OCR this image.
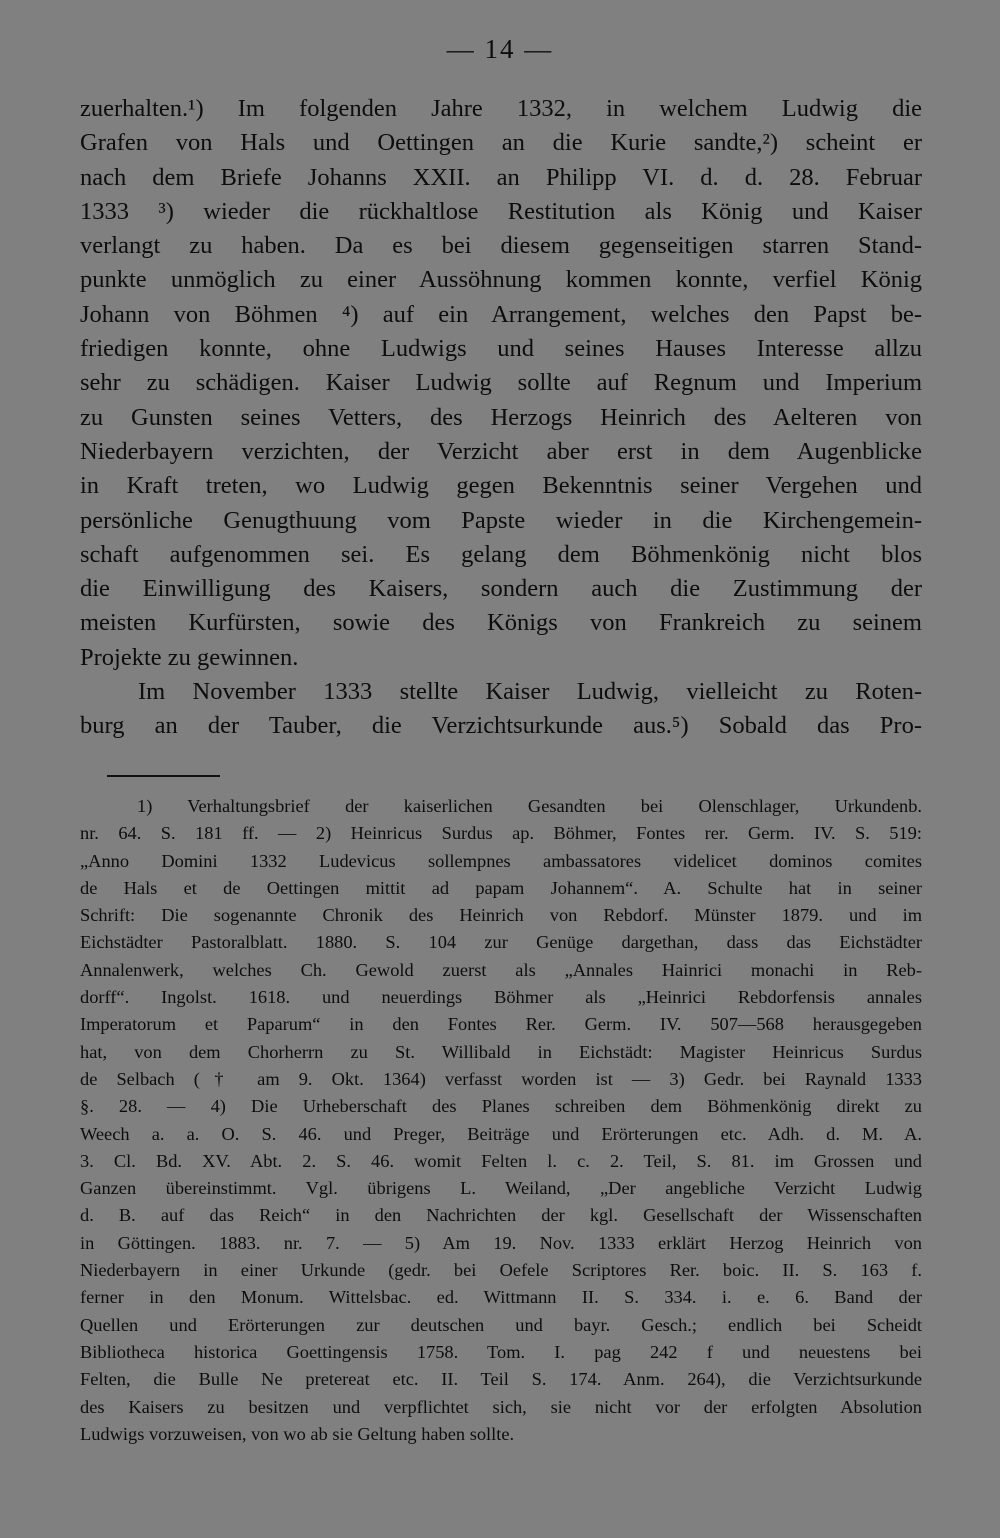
— 14 —
zuerhalten.¹) Im folgenden Jahre 1332, in welchem Ludwig die
Grafen von Hals und Oettingen an die Kurie sandte,²) scheint er
nach dem Briefe Johanns XXII. an Philipp VI. d. d. 28. Februar
1333 ³) wieder die rückhaltlose Restitution als König und Kaiser
verlangt zu haben. Da es bei diesem gegenseitigen starren Stand-
punkte unmöglich zu einer Aussöhnung kommen konnte, verfiel König
Johann von Böhmen ⁴) auf ein Arrangement, welches den Papst be-
friedigen konnte, ohne Ludwigs und seines Hauses Interesse allzu
sehr zu schädigen. Kaiser Ludwig sollte auf Regnum und Imperium
zu Gunsten seines Vetters, des Herzogs Heinrich des Aelteren von
Niederbayern verzichten, der Verzicht aber erst in dem Augenblicke
in Kraft treten, wo Ludwig gegen Bekenntnis seiner Vergehen und
persönliche Genugthuung vom Papste wieder in die Kirchengemein-
schaft aufgenommen sei. Es gelang dem Böhmenkönig nicht blos
die Einwilligung des Kaisers, sondern auch die Zustimmung der
meisten Kurfürsten, sowie des Königs von Frankreich zu seinem
Projekte zu gewinnen.
Im November 1333 stellte Kaiser Ludwig, vielleicht zu Roten-
burg an der Tauber, die Verzichtsurkunde aus.⁵) Sobald das Pro-
1) Verhaltungsbrief der kaiserlichen Gesandten bei Olenschlager, Urkundenb.
nr. 64. S. 181 ff. — 2) Heinricus Surdus ap. Böhmer, Fontes rer. Germ. IV. S. 519:
„Anno Domini 1332 Ludevicus sollempnes ambassatores videlicet dominos comites
de Hals et de Oettingen mittit ad papam Johannem“. A. Schulte hat in seiner
Schrift: Die sogenannte Chronik des Heinrich von Rebdorf. Münster 1879. und im
Eichstädter Pastoralblatt. 1880. S. 104 zur Genüge dargethan, dass das Eichstädter
Annalenwerk, welches Ch. Gewold zuerst als „Annales Hainrici monachi in Reb-
dorff“. Ingolst. 1618. und neuerdings Böhmer als „Heinrici Rebdorfensis annales
Imperatorum et Paparum“ in den Fontes Rer. Germ. IV. 507—568 herausgegeben
hat, von dem Chorherrn zu St. Willibald in Eichstädt: Magister Heinricus Surdus
de Selbach († am 9. Okt. 1364) verfasst worden ist — 3) Gedr. bei Raynald 1333
§. 28. — 4) Die Urheberschaft des Planes schreiben dem Böhmenkönig direkt zu
Weech a. a. O. S. 46. und Preger, Beiträge und Erörterungen etc. Adh. d. M. A.
3. Cl. Bd. XV. Abt. 2. S. 46. womit Felten l. c. 2. Teil, S. 81. im Grossen und
Ganzen übereinstimmt. Vgl. übrigens L. Weiland, „Der angebliche Verzicht Ludwig
d. B. auf das Reich“ in den Nachrichten der kgl. Gesellschaft der Wissenschaften
in Göttingen. 1883. nr. 7. — 5) Am 19. Nov. 1333 erklärt Herzog Heinrich von
Niederbayern in einer Urkunde (gedr. bei Oefele Scriptores Rer. boic. II. S. 163 f.
ferner in den Monum. Wittelsbac. ed. Wittmann II. S. 334. i. e. 6. Band der
Quellen und Erörterungen zur deutschen und bayr. Gesch.; endlich bei Scheidt
Bibliotheca historica Goettingensis 1758. Tom. I. pag 242 f und neuestens bei
Felten, die Bulle Ne pretereat etc. II. Teil S. 174. Anm. 264), die Verzichtsurkunde
des Kaisers zu besitzen und verpflichtet sich, sie nicht vor der erfolgten Absolution
Ludwigs vorzuweisen, von wo ab sie Geltung haben sollte.
